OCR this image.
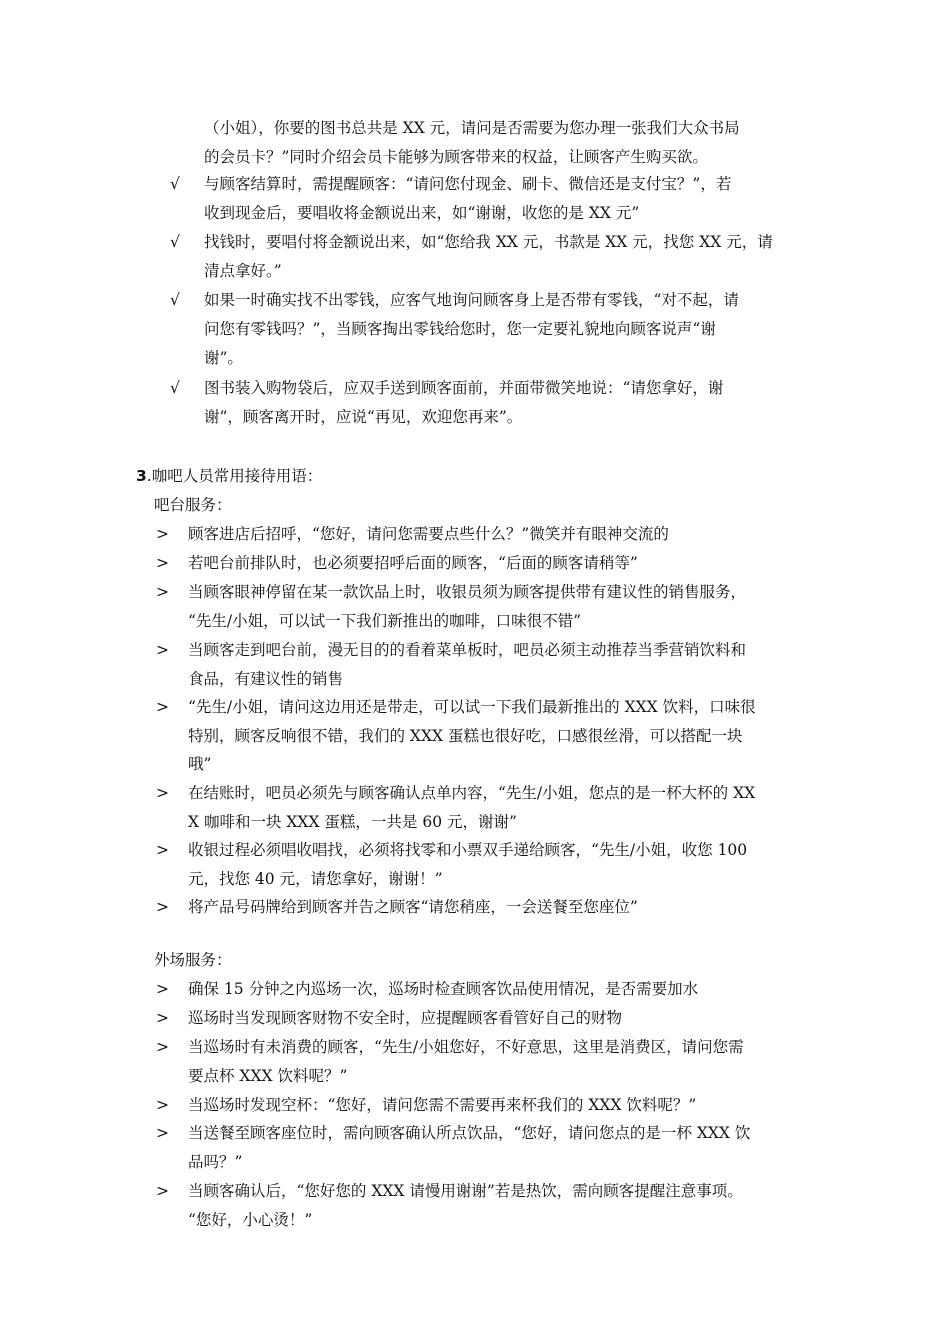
（小姐），你要的图书总共是 XX 元，请问是否需要为您办理一张我们大众书局
的会员卡？”同时介绍会员卡能够为顾客带来的权益，让顾客产生购买欲。
√ 与顾客结算时，需提醒顾客：“请问您付现金、刷卡、微信还是支付宝？”，若
收到现金后，要唱收将金额说出来，如“谢谢，收您的是 XX 元”
√ 找钱时，要唱付将金额说出来，如“您给我 XX 元，书款是 XX 元，找您 XX 元，请
清点拿好。”
√ 如果一时确实找不出零钱，应客气地询问顾客身上是否带有零钱，“对不起，请
问您有零钱吗？”，当顾客掏出零钱给您时，您一定要礼貌地向顾客说声“谢
谢”。
√ 图书装入购物袋后，应双手送到顾客面前，并面带微笑地说：“请您拿好，谢
谢”，顾客离开时，应说“再见，欢迎您再来”。
3.咖吧人员常用接待用语：
吧台服务：
> 顾客进店后招呼，“您好，请问您需要点些什么？”微笑并有眼神交流的
> 若吧台前排队时，也必须要招呼后面的顾客，“后面的顾客请稍等”
> 当顾客眼神停留在某一款饮品上时，收银员须为顾客提供带有建议性的销售服务，
“先生/小姐，可以试一下我们新推出的咖啡，口味很不错”
> 当顾客走到吧台前，漫无目的的看着菜单板时，吧员必须主动推荐当季营销饮料和
食品，有建议性的销售
> “先生/小姐，请问这边用还是带走，可以试一下我们最新推出的 XXX 饮料，口味很
特别，顾客反响很不错，我们的 XXX 蛋糕也很好吃，口感很丝滑，可以搭配一块
哦”
> 在结账时，吧员必须先与顾客确认点单内容，“先生/小姐，您点的是一杯大杯的 XX
X 咖啡和一块 XXX 蛋糕，一共是 60 元，谢谢”
> 收银过程必须唱收唱找，必须将找零和小票双手递给顾客，“先生/小姐，收您 100
元，找您 40 元，请您拿好，谢谢！”
> 将产品号码牌给到顾客并告之顾客“请您稍座，一会送餐至您座位”
外场服务：
> 确保 15 分钟之内巡场一次，巡场时检查顾客饮品使用情况，是否需要加水
> 巡场时当发现顾客财物不安全时，应提醒顾客看管好自己的财物
> 当巡场时有未消费的顾客，“先生/小姐您好，不好意思，这里是消费区，请问您需
要点杯 XXX 饮料呢？”
> 当巡场时发现空杯：“您好，请问您需不需要再来杯我们的 XXX 饮料呢？”
> 当送餐至顾客座位时，需向顾客确认所点饮品，“您好，请问您点的是一杯 XXX 饮
品吗？”
> 当顾客确认后，“您好您的 XXX 请慢用谢谢”若是热饮，需向顾客提醒注意事项。
“您好，小心烫！”
